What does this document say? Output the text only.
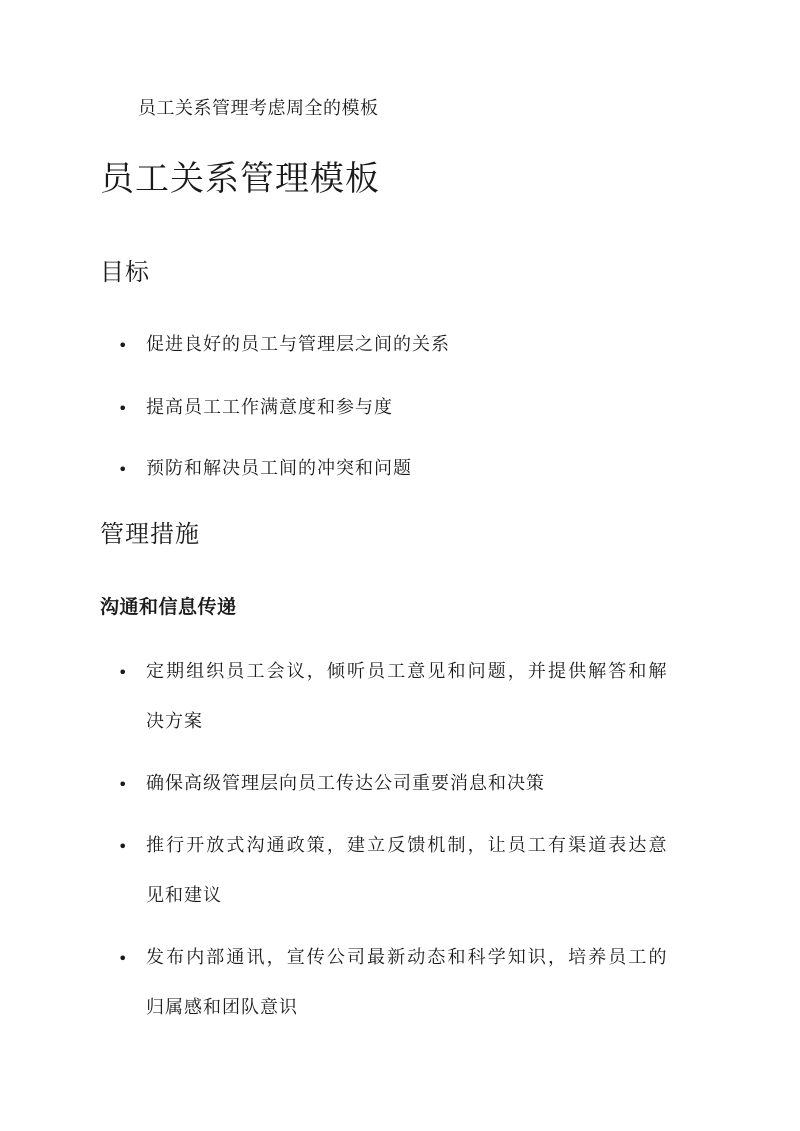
员工关系管理考虑周全的模板
员工关系管理模板
目标
• 促进良好的员工与管理层之间的关系
• 提高员工工作满意度和参与度
• 预防和解决员工间的冲突和问题
管理措施
沟通和信息传递
• 定期组织员工会议，倾听员工意见和问题，并提供解答和解
决方案
• 确保高级管理层向员工传达公司重要消息和决策
• 推行开放式沟通政策，建立反馈机制，让员工有渠道表达意
见和建议
• 发布内部通讯，宣传公司最新动态和科学知识，培养员工的
归属感和团队意识
